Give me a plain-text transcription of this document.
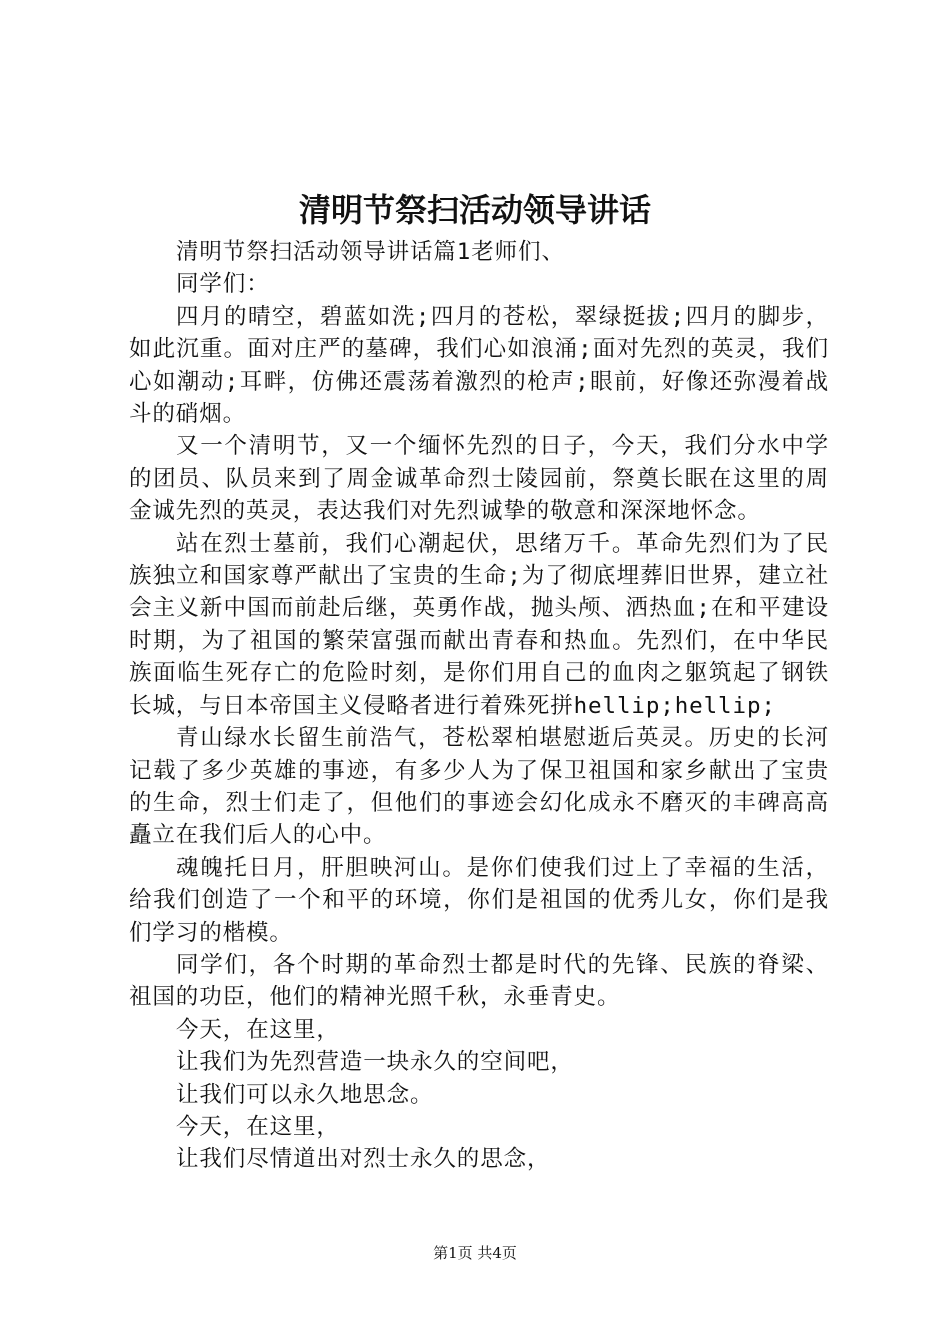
清明节祭扫活动领导讲话

清明节祭扫活动领导讲话篇1老师们、

同学们：

四月的晴空，碧蓝如洗;四月的苍松，翠绿挺拔;四月的脚步，如此沉重。面对庄严的墓碑，我们心如浪涌;面对先烈的英灵，我们心如潮动;耳畔，仿佛还震荡着激烈的枪声;眼前，好像还弥漫着战斗的硝烟。

又一个清明节，又一个缅怀先烈的日子，今天，我们分水中学的团员、队员来到了周金诚革命烈士陵园前，祭奠长眠在这里的周金诚先烈的英灵，表达我们对先烈诚挚的敬意和深深地怀念。

站在烈士墓前，我们心潮起伏，思绪万千。革命先烈们为了民族独立和国家尊严献出了宝贵的生命;为了彻底埋葬旧世界，建立社会主义新中国而前赴后继，英勇作战，抛头颅、洒热血;在和平建设时期，为了祖国的繁荣富强而献出青春和热血。先烈们，在中华民族面临生死存亡的危险时刻，是你们用自己的血肉之躯筑起了钢铁长城，与日本帝国主义侵略者进行着殊死拼hellip;hellip;

青山绿水长留生前浩气，苍松翠柏堪慰逝后英灵。历史的长河记载了多少英雄的事迹，有多少人为了保卫祖国和家乡献出了宝贵的生命，烈士们走了，但他们的事迹会幻化成永不磨灭的丰碑高高矗立在我们后人的心中。

魂魄托日月，肝胆映河山。是你们使我们过上了幸福的生活，给我们创造了一个和平的环境，你们是祖国的优秀儿女，你们是我们学习的楷模。

同学们，各个时期的革命烈士都是时代的先锋、民族的脊梁、祖国的功臣，他们的精神光照千秋，永垂青史。

今天，在这里，

让我们为先烈营造一块永久的空间吧，

让我们可以永久地思念。

今天，在这里，

让我们尽情道出对烈士永久的思念，

第1页 共4页
